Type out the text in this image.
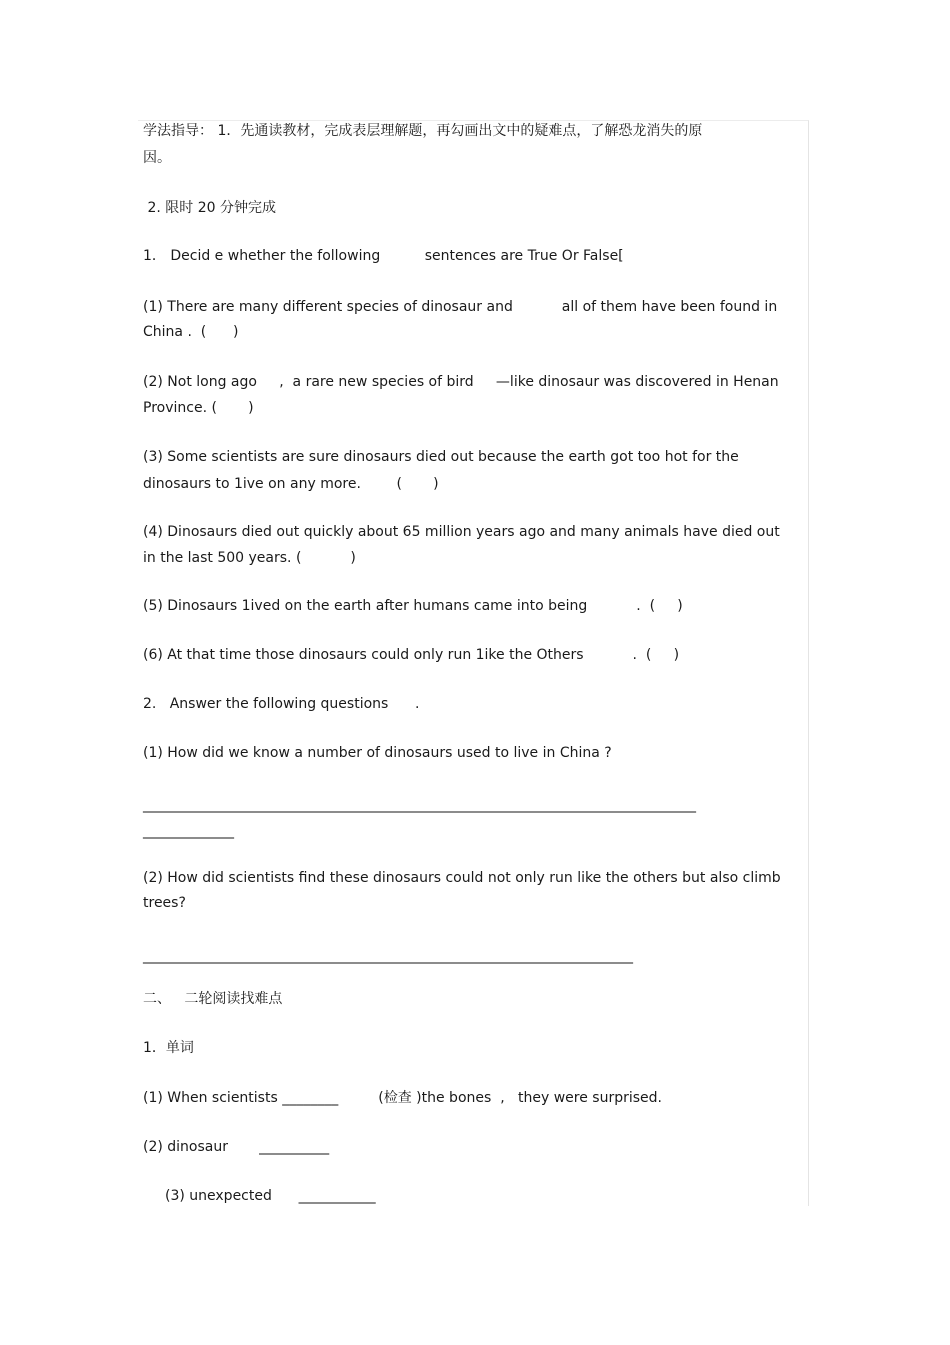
学法指导： 1．先通读教材，完成表层理解题，再勾画出文中的疑难点，了解恐龙消失的原
因。
2. 限时 20 分钟完成
1． Decid e whether the following          sentences are True Or False[
(1) There are many different species of dinosaur and           all of them have been found in
China .  (      )
(2) Not long ago     ,  a rare new species of bird     —like dinosaur was discovered in Henan
Province. (       )
(3) Some scientists are sure dinosaurs died out because the earth got too hot for the
dinosaurs to 1ive on any more.        (       )
(4) Dinosaurs died out quickly about 65 million years ago and many animals have died out
in the last 500 years. (           )
(5) Dinosaurs 1ived on the earth after humans came into being           .  (     )
(6) At that time those dinosaurs could only run 1ike the Others           .  (     )
2.   Answer the following questions      .
(1) How did we know a number of dinosaurs used to live in China ?
_______________________________________________________________________________
_____________
(2) How did scientists find these dinosaurs could not only run like the others but also climb
trees?
______________________________________________________________________
二、   二轮阅读找难点
1．单词
(1) When scientists ________         (检查 )the bones  ,   they were surprised.
(2) dinosaur       __________
(3) unexpected      ___________
